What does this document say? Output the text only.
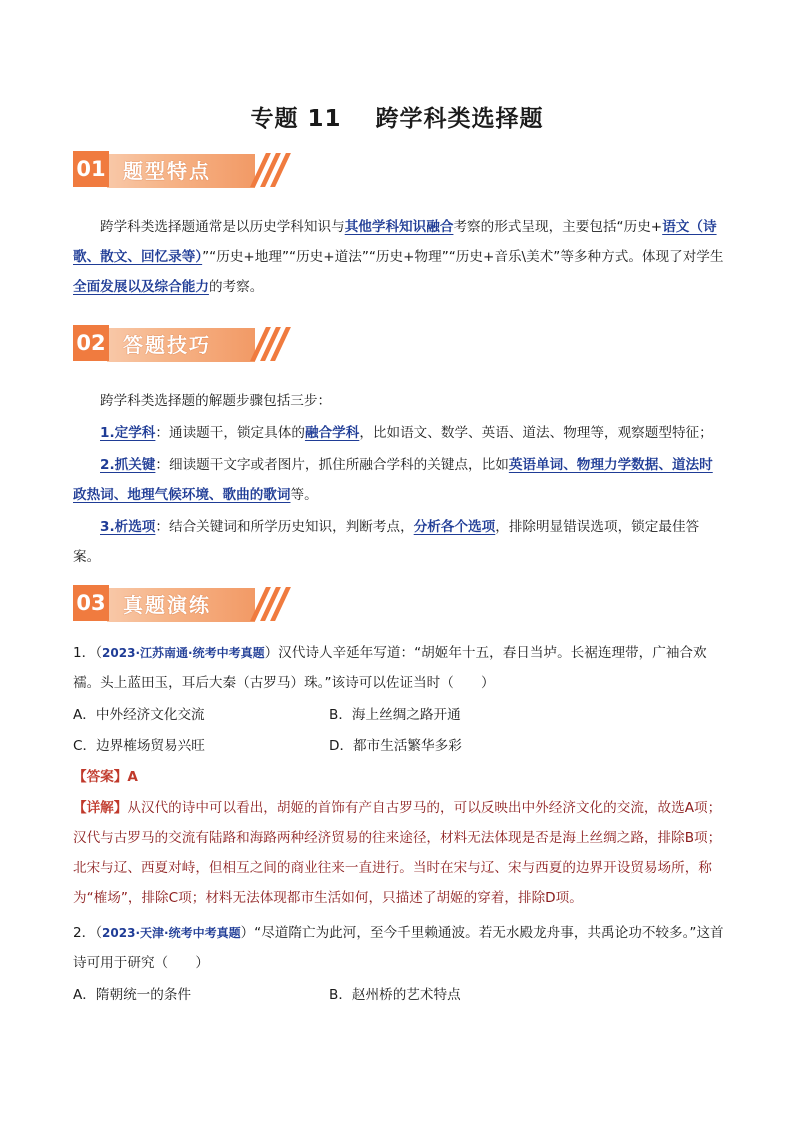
专题 11 跨学科类选择题
01 题型特点
跨学科类选择题通常是以历史学科知识与其他学科知识融合考察的形式呈现，主要包括“历史+语文（诗歌、散文、回忆录等）”“历史+地理”“历史+道法”“历史+物理”“历史+音乐\美术”等多种方式。体现了对学生全面发展以及综合能力的考察。
02 答题技巧
跨学科类选择题的解题步骤包括三步：
1.定学科：通读题干，锁定具体的融合学科，比如语文、数学、英语、道法、物理等，观察题型特征；
2.抓关键：细读题干文字或者图片，抓住所融合学科的关键点，比如英语单词、物理力学数据、道法时政热词、地理气候环境、歌曲的歌词等。
3.析选项：结合关键词和所学历史知识，判断考点，分析各个选项，排除明显错误选项，锁定最佳答案。
03 真题演练
1．（2023·江苏南通·统考中考真题）汉代诗人辛延年写道：“胡姬年十五，春日当垆。长裾连理带，广袖合欢襦。头上蓝田玉，耳后大秦（古罗马）珠。”该诗可以佐证当时（　　）
A．中外经济文化交流	B．海上丝绸之路开通
C．边界榷场贸易兴旺	D．都市生活繁华多彩
【答案】A
【详解】从汉代的诗中可以看出，胡姬的首饰有产自古罗马的，可以反映出中外经济文化的交流，故选A项；汉代与古罗马的交流有陆路和海路两种经济贸易的往来途径，材料无法体现是否是海上丝绸之路，排除B项；北宋与辽、西夏对峙，但相互之间的商业往来一直进行。当时在宋与辽、宋与西夏的边界开设贸易场所，称为“榷场”，排除C项；材料无法体现都市生活如何，只描述了胡姬的穿着，排除D项。
2．（2023·天津·统考中考真题）“尽道隋亡为此河，至今千里赖通波。若无水殿龙舟事，共禹论功不较多。”这首诗可用于研究（　　）
A．隋朝统一的条件	B．赵州桥的艺术特点
